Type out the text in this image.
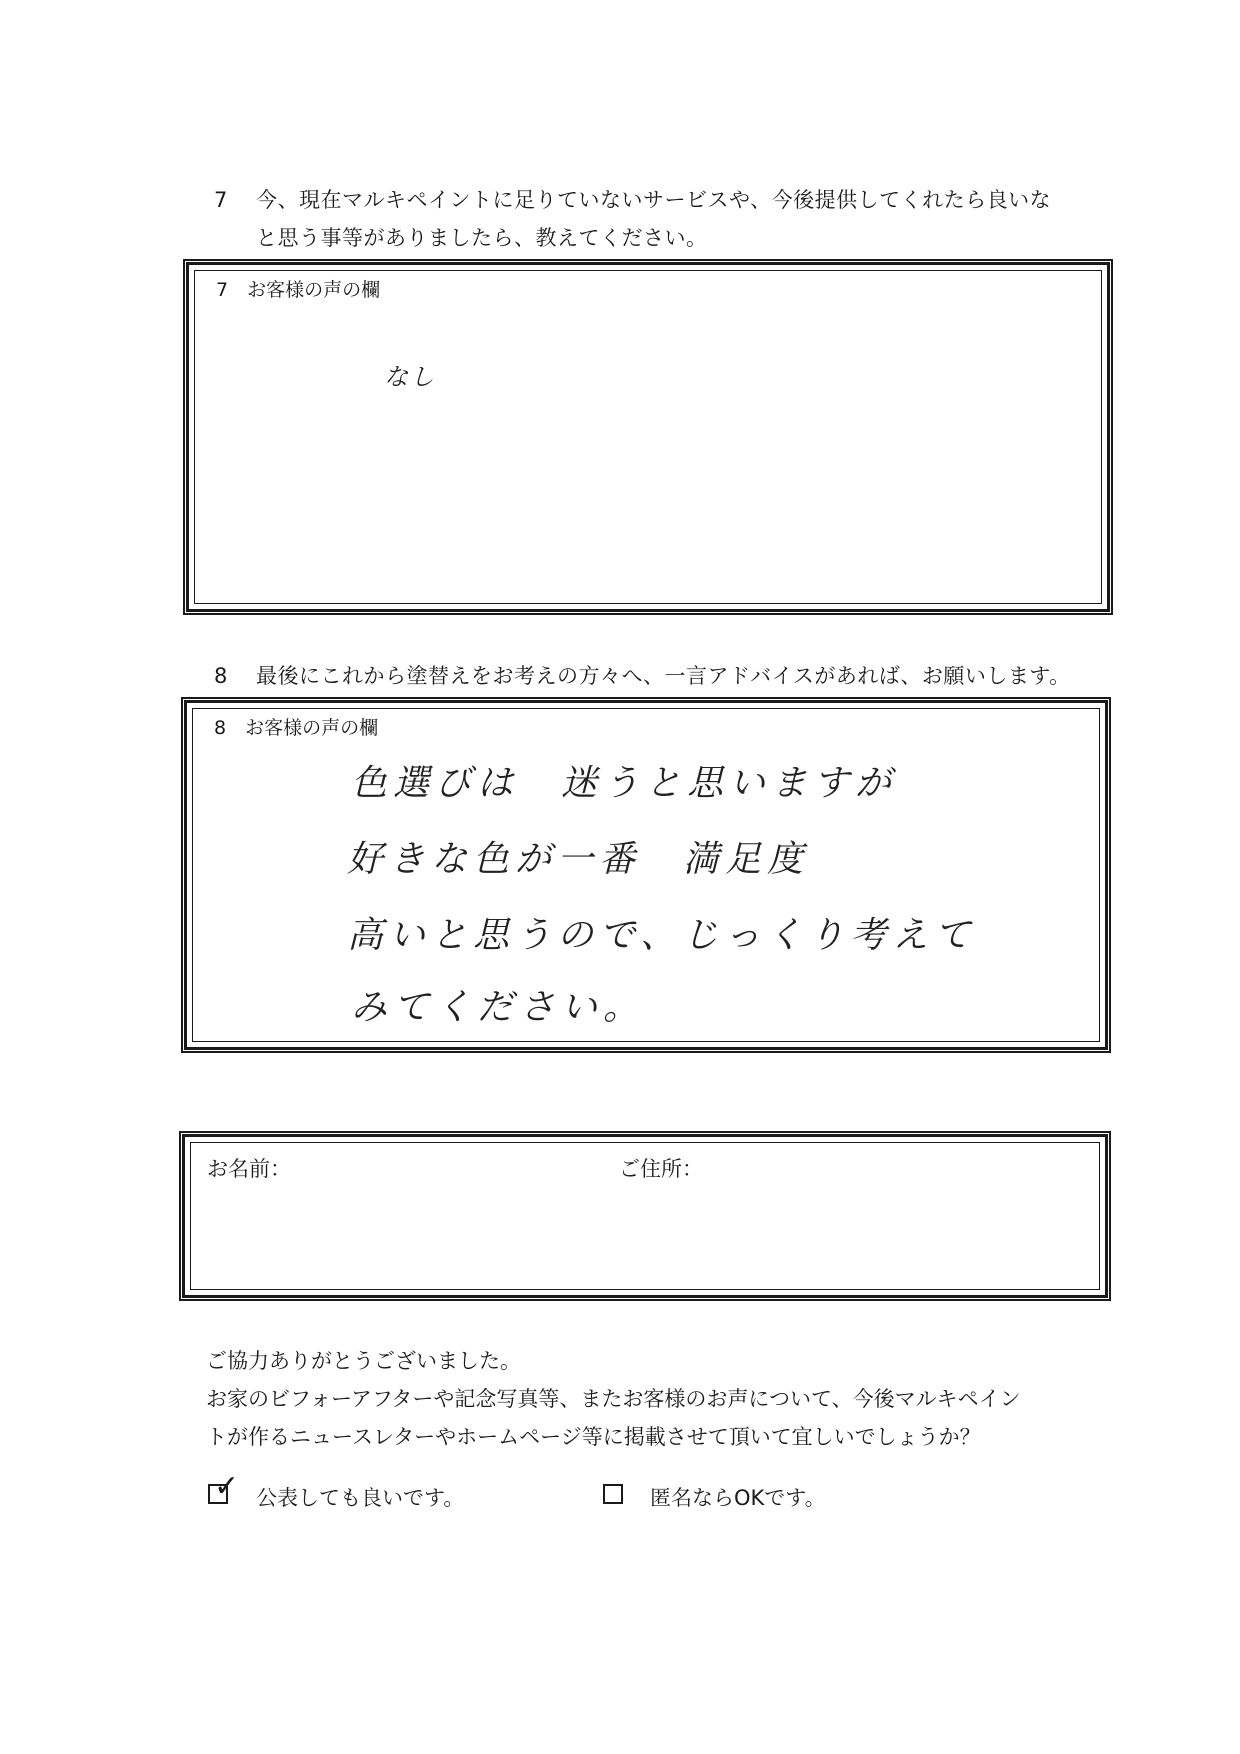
7	今、現在マルキペイントに足りていないサービスや、今後提供してくれたら良いな
と思う事等がありましたら、教えてください。
7　お客様の声の欄
なし
8	最後にこれから塗替えをお考えの方々へ、一言アドバイスがあれば、お願いします。
8　お客様の声の欄
色選びは　迷うと思いますが
好きな色が一番　満足度
高いと思うので、じっくり考えて
みてください。
お名前：	ご住所：
ご協力ありがとうございました。
お家のビフォーアフターや記念写真等、またお客様のお声について、今後マルキペイン
トが作るニュースレターやホームページ等に掲載させて頂いて宜しいでしょうか？
✓ 公表しても良いです。	匿名ならOKです。
